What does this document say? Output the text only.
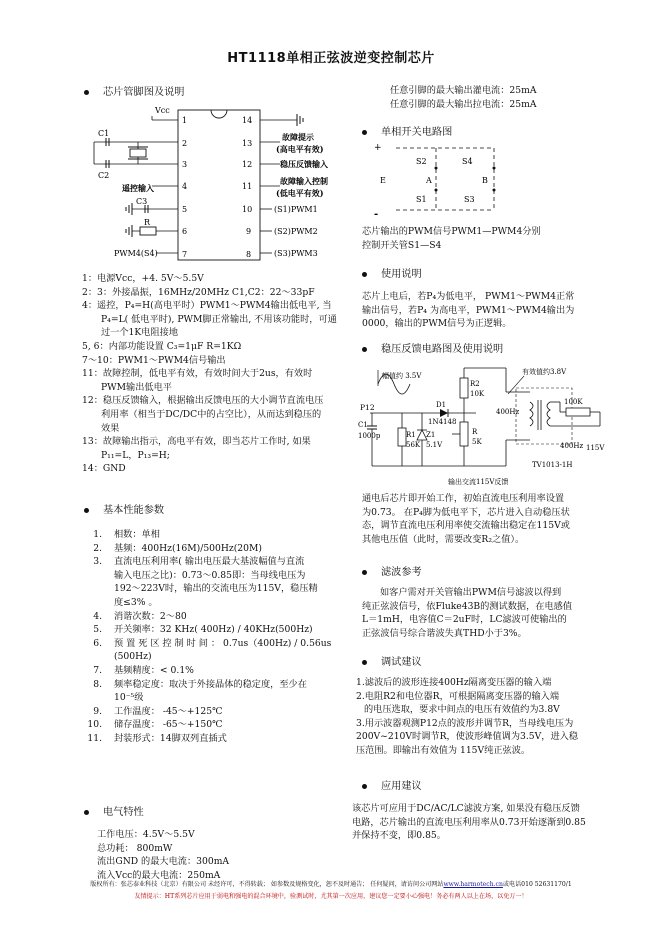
HT1118单相正弦波逆变控制芯片
芯片管脚图及说明
1
2
3
4
5
6
7
14
13
12
11
10
9
8
Vcc
C1
C2
遥控输入
C3
R
PWM4(S4)
故障提示
(高电平有效)
稳压反馈输入
故障输入控制
(低电平有效)
(S1)PWM1
(S2)PWM2
(S3)PWM3
1：电源Vcc，+4. 5V～5.5V
2：3：外接晶振，16MHz/20MHz C1,C2：22～33pF
4：遥控，P₄=H(高电平时）PWM1～PWM4输出低电平, 当
P₄=L( 低电平时), PWM脚正常输出, 不用该功能时，可通
过一个1K电阻接地
5, 6：内部功能设置 C₃=1μF R=1KΩ
7～10：PWM1～PWM4信号输出
11：故障控制，低电平有效，有效时间大于2us，有效时
PWM输出低电平
12：稳压反馈输入，根据输出反馈电压的大小调节直流电压
利用率（相当于DC/DC中的占空比），从而达到稳压的
效果
13：故障输出指示，高电平有效，即当芯片工作时, 如果
P₁₁=L，P₁₃=H;
14：GND
基本性能参数
1. 相数：单相
2. 基频：400Hz(16M)/500Hz(20M)
3. 直流电压利用率( 输出电压最大基波幅值与直流
输入电压之比)：0.73～0.85即：当母线电压为
192～223V时，输出的交流电压为115V，稳压精
度≤3% 。
4. 消谐次数：2～80
5. 开关频率：32 KHz( 400Hz) / 40KHz(500Hz)
6. 预 置 死 区 控 制 时 间 ： 0.7us（400Hz) / 0.56us
(500Hz)
7. 基频精度：< 0.1%
8. 频率稳定度：取决于外接晶体的稳定度，至少在
10⁻⁵级
9. 工作温度： -45～+125℃
10. 储存温度： -65～+150℃
11. 封装形式：14脚双列直插式
电气特性
工作电压：4.5V～5.5V
总功耗： 800mW
流出GND 的最大电流：300mA
流入Vcc的最大电流：250mA
任意引脚的最大输出灌电流：25mA
任意引脚的最大输出拉电流：25mA
单相开关电路图
+
-
E
S2	S4
A	B
S1	S3
芯片输出的PWM信号PWM1—PWM4分别
控制开关管S1—S4
使用说明
芯片上电后，若P₄为低电平， PWM1～PWM4正常
输出信号，若P₄ 为高电平，PWM1～PWM4输出为
0000，输出的PWM信号为正逻辑。
稳压反馈电路图及使用说明
幅值约 3.5V	有效值约3.8V
P12
C1
1000p	R1
56K
Z1
5.1V
D1
1N4148
R2
10K
R
5K
400Hz
400Hz
100K
115V
TV1013-1H
输出交流115V反馈
通电后芯片即开始工作，初始直流电压利用率设置
为0.73。 在P₄脚为低电平下，芯片进入自动稳压状
态，调节直流电压利用率使交流输出稳定在115V或
其他电压值（此时，需要改变R₂之值）。
滤波参考
如客户需对开关管输出PWM信号滤波以得到
纯正弦波信号，依Fluke43B的测试数据，在电感值
L＝1mH，电容值C＝2uF时，LC滤波可使输出的
正弦波信号综合谐波失真THD小于3%。
调试建议
1.滤波后的波形连接400Hz隔离变压器的输入端
2.电阻R2和电位器R，可根据隔离变压器的输入端
的电压选取，要求中间点的电压有效值约为3.8V
3.用示波器观测P12点的波形并调节R，当母线电压为
200V~210V时调节R，使波形峰值调为3.5V，进入稳
压范围。即输出有效值为 115V纯正弦波。
应用建议
该芯片可应用于DC/AC/LC滤波方案, 如果没有稳压反馈
电路，芯片输出的直流电压利用率从0.73开始逐渐到0.85
并保持不变，即0.85。
版权所有：张芯泰业科技（北京）有限公司 未经许可，不得转载； 如参数及规格变化，恕不及时通告； 任何疑问，请访问公司网站www.harmotech.cn或电话010 52631170/1
友情提示：HT系列芯片应用于弱电和强电的混合环境中，验测试时，尤其第一次应用，建议您一定要小心强电！务必有两人以上在场，以免万一！
